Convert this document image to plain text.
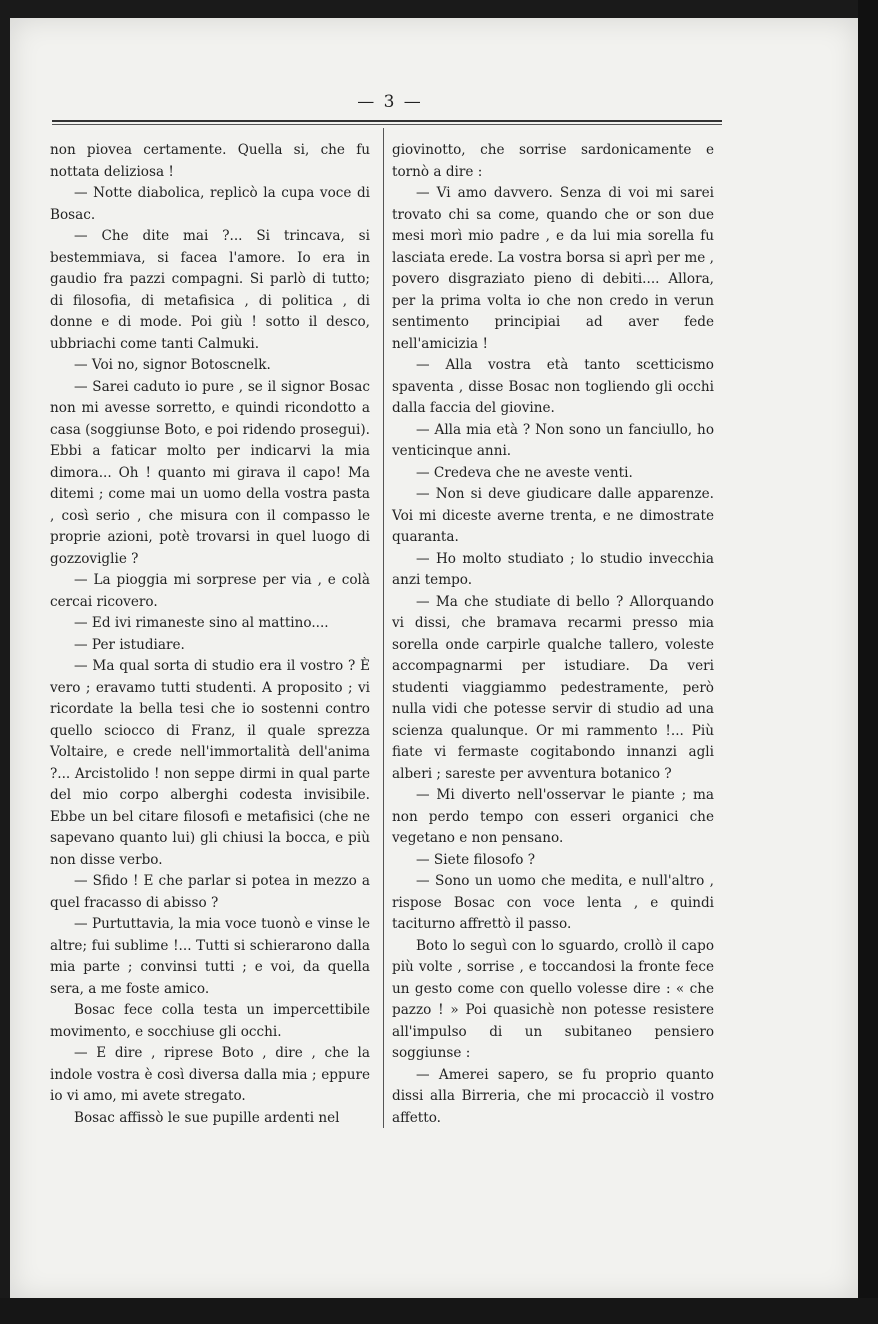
— 3 —

non piovea certamente. Quella si, che fu nottata deliziosa !

— Notte diabolica, replicò la cupa voce di Bosac.

— Che dite mai ?... Si trincava, si bestemmiava, si facea l'amore. Io era in gaudio fra pazzi compagni. Si parlò di tutto; di filosofia, di metafisica , di politica , di donne e di mode. Poi giù ! sotto il desco, ubbriachi come tanti Calmuki.

— Voi no, signor Botoscnelk.

— Sarei caduto io pure , se il signor Bosac non mi avesse sorretto, e quindi ricondotto a casa (soggiunse Boto, e poi ridendo prosegui). Ebbi a faticar molto per indicarvi la mia dimora... Oh ! quanto mi girava il capo! Ma ditemi ; come mai un uomo della vostra pasta , così serio , che misura con il compasso le proprie azioni, potè trovarsi in quel luogo di gozzoviglie ?

— La pioggia mi sorprese per via , e colà cercai ricovero.

— Ed ivi rimaneste sino al mattino....

— Per istudiare.

— Ma qual sorta di studio era il vostro ? È vero ; eravamo tutti studenti. A proposito ; vi ricordate la bella tesi che io sostenni contro quello sciocco di Franz, il quale sprezza Voltaire, e crede nell'immortalità dell'anima ?... Arcistolido ! non seppe dirmi in qual parte del mio corpo alberghi codesta invisibile. Ebbe un bel citare filosofi e metafisici (che ne sapevano quanto lui) gli chiusi la bocca, e più non disse verbo.

— Sfido ! E che parlar si potea in mezzo a quel fracasso di abisso ?

— Purtuttavia, la mia voce tuonò e vinse le altre; fui sublime !... Tutti si schierarono dalla mia parte ; convinsi tutti ; e voi, da quella sera, a me foste amico.

Bosac fece colla testa un impercettibile movimento, e socchiuse gli occhi.

— E dire , riprese Boto , dire , che la indole vostra è così diversa dalla mia ; eppure io vi amo, mi avete stregato.

Bosac affissò le sue pupille ardenti nel

giovinotto, che sorrise sardonicamente e tornò a dire :

— Vi amo davvero. Senza di voi mi sarei trovato chi sa come, quando che or son due mesi morì mio padre , e da lui mia sorella fu lasciata erede. La vostra borsa si aprì per me , povero disgraziato pieno di debiti.... Allora, per la prima volta io che non credo in verun sentimento principiai ad aver fede nell'amicizia !

— Alla vostra età tanto scetticismo spaventa , disse Bosac non togliendo gli occhi dalla faccia del giovine.

— Alla mia età ? Non sono un fanciullo, ho venticinque anni.

— Credeva che ne aveste venti.

— Non si deve giudicare dalle apparenze. Voi mi diceste averne trenta, e ne dimostrate quaranta.

— Ho molto studiato ; lo studio invecchia anzi tempo.

— Ma che studiate di bello ? Allorquando vi dissi, che bramava recarmi presso mia sorella onde carpirle qualche tallero, voleste accompagnarmi per istudiare. Da veri studenti viaggiammo pedestramente, però nulla vidi che potesse servir di studio ad una scienza qualunque. Or mi rammento !... Più fiate vi fermaste cogitabondo innanzi agli alberi ; sareste per avventura botanico ?

— Mi diverto nell'osservar le piante ; ma non perdo tempo con esseri organici che vegetano e non pensano.

— Siete filosofo ?

— Sono un uomo che medita, e null'altro , rispose Bosac con voce lenta , e quindi taciturno affrettò il passo.

Boto lo seguì con lo sguardo, crollò il capo più volte , sorrise , e toccandosi la fronte fece un gesto come con quello volesse dire : « che pazzo ! » Poi quasichè non potesse resistere all'impulso di un subitaneo pensiero soggiunse :

— Amerei sapero, se fu proprio quanto dissi alla Birreria, che mi procacciò il vostro affetto.
